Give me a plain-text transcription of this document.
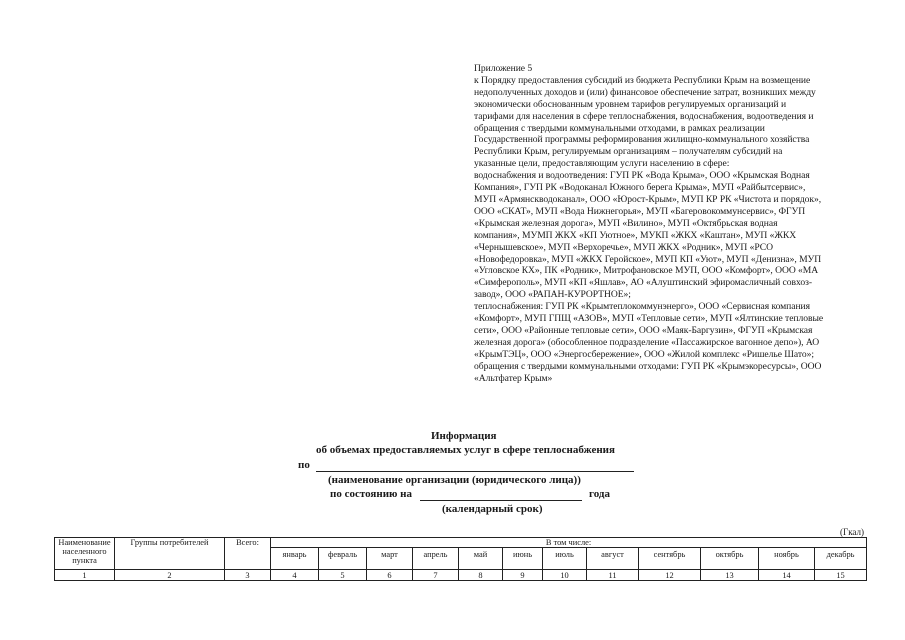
Приложение 5
к Порядку предоставления субсидий из бюджета Республики Крым на возмещение
недополученных доходов и (или) финансовое обеспечение затрат, возникших между
экономически обоснованным уровнем тарифов регулируемых организаций и
тарифами для населения в сфере теплоснабжения, водоснабжения, водоотведения и
обращения с твердыми коммунальными отходами, в рамках реализации
Государственной программы реформирования жилищно-коммунального хозяйства
Республики Крым, регулируемым организациям – получателям субсидий на
указанные цели, предоставляющим услуги населению в сфере:
водоснабжения и водоотведения: ГУП РК «Вода Крыма», ООО «Крымская Водная
Компания», ГУП РК «Водоканал Южного берега Крыма», МУП «Райбытсервис»,
МУП «Армянскводоканал», ООО «Юрост-Крым», МУП КР РК «Чистота и порядок»,
ООО «СКАТ», МУП «Вода Нижнегорья», МУП «Багеровокоммунсервис», ФГУП
«Крымская железная дорога», МУП «Вилино», МУП «Октябрьская водная
компания», МУМП ЖКХ «КП Уютное», МУКП «ЖКХ «Каштан», МУП «ЖКХ
«Чернышевское», МУП «Верхоречье», МУП ЖКХ «Родник», МУП «РСО
«Новофедоровка», МУП «ЖКХ Геройское», МУП КП «Уют», МУП «Денизна», МУП
«Угловское КХ», ПК «Родник», Митрофановское МУП, ООО «Комфорт», ООО «МА
«Симферополь», МУП «КП «Яшлав», АО «Алуштинский эфиромасличный совхоз-
завод», ООО «РАПАН-КУРОРТНОЕ»;
теплоснабжения: ГУП РК «Крымтеплокоммунэнерго», ООО «Сервисная компания
«Комфорт», МУП ГПЩ «АЗОВ», МУП «Тепловые сети», МУП «Ялтинские тепловые
сети», ООО «Районные тепловые сети», ООО «Маяк-Баргузин», ФГУП «Крымская
железная дорога» (обособленное подразделение «Пассажирское вагонное депо»), АО
«КрымТЭЦ», ООО «Энергосбережение», ООО «Жилой комплекс «Ришелье Шато»;
обращения с твердыми коммунальными отходами: ГУП РК «Крымэкоресурсы», ООО
«Альтфатер Крым»
Информация
об объемах предоставляемых услуг в сфере теплоснабжения
по
(наименование организации (юридического лица))
по состоянию на	года
(календарный срок)
(Гкал)
Наименование населенного пункта	Группы потребителей	Всего:	В том числе:											
			январь	февраль	март	апрель	май	июнь	июль	август	сентябрь	октябрь	ноябрь	декабрь
1	2	3	4	5	6	7	8	9	10	11	12	13	14	15
